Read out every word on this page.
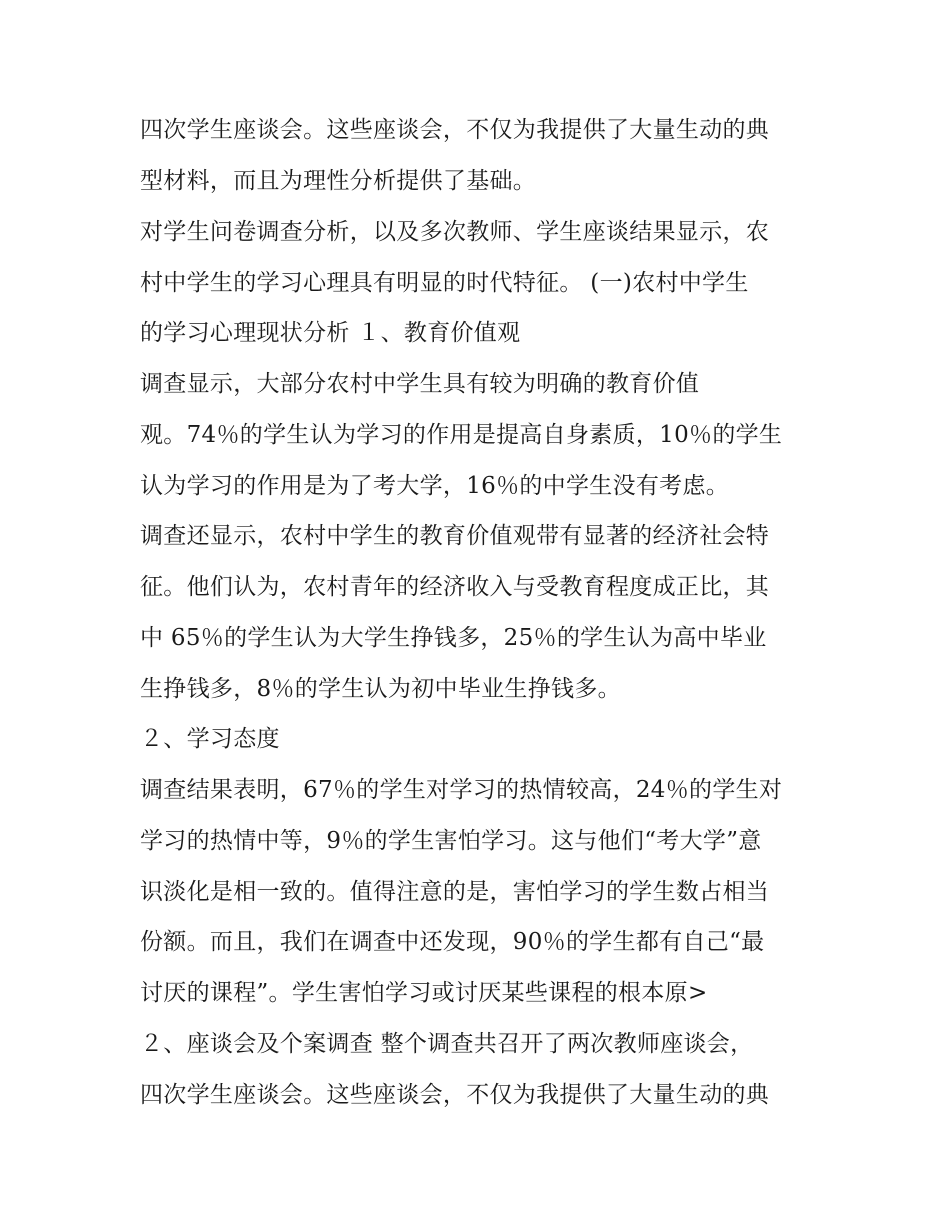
四次学生座谈会。这些座谈会，不仅为我提供了大量生动的典
型材料，而且为理性分析提供了基础。
对学生问卷调查分析，以及多次教师、学生座谈结果显示，农
村中学生的学习心理具有明显的时代特征。 (一)农村中学生
的学习心理现状分析 １、教育价值观
调查显示，大部分农村中学生具有较为明确的教育价值
观。74％的学生认为学习的作用是提高自身素质，10％的学生
认为学习的作用是为了考大学，16％的中学生没有考虑。
调查还显示，农村中学生的教育价值观带有显著的经济社会特
征。他们认为，农村青年的经济收入与受教育程度成正比，其
中 65％的学生认为大学生挣钱多，25％的学生认为高中毕业
生挣钱多，8％的学生认为初中毕业生挣钱多。
２、学习态度
调查结果表明，67％的学生对学习的热情较高，24％的学生对
学习的热情中等，9％的学生害怕学习。这与他们“考大学”意
识淡化是相一致的。值得注意的是，害怕学习的学生数占相当
份额。而且，我们在调查中还发现，90％的学生都有自己“最
讨厌的课程”。学生害怕学习或讨厌某些课程的根本原>
２、座谈会及个案调查 整个调查共召开了两次教师座谈会，
四次学生座谈会。这些座谈会，不仅为我提供了大量生动的典
